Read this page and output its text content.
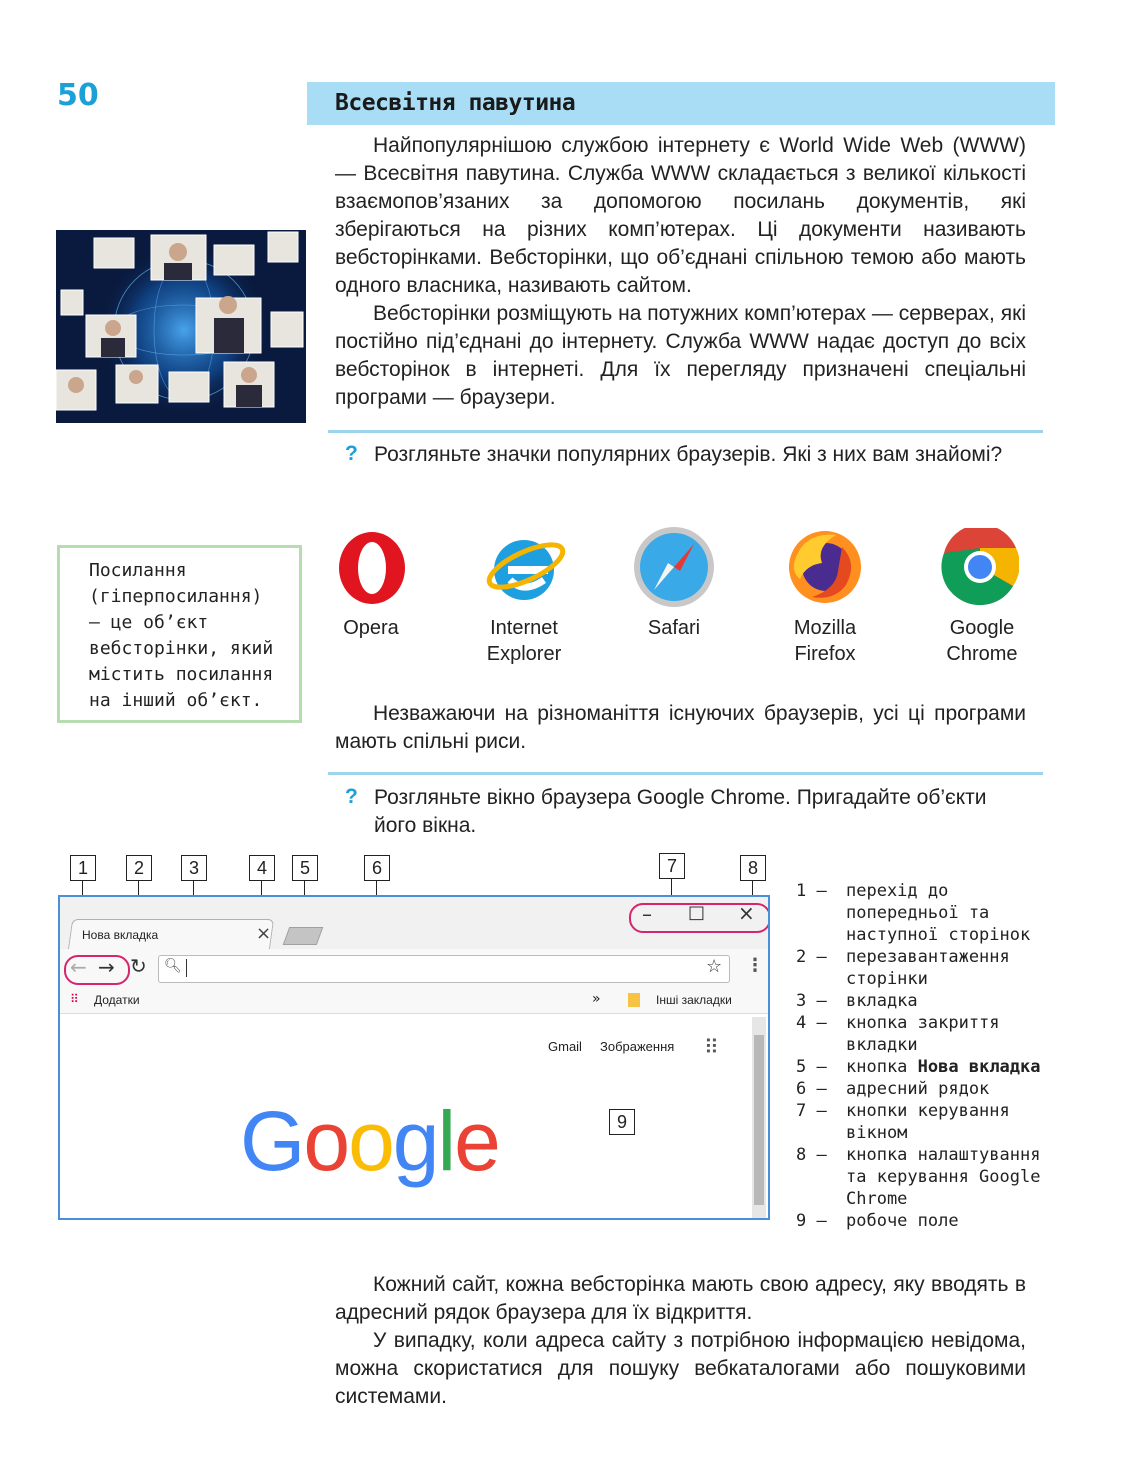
50	Всесвітня павутина

Найпопулярнішою службою інтернету є World Wide Web (WWW) — Всесвітня павутина. Служба WWW складається з великої кількості взаємопов’язаних за допомогою посилань документів, які зберігаються на різних комп’ютерах. Ці документи називають вебсторінками. Вебсторінки, що об’єднані спільною темою або мають одного власника, називають сайтом.

Вебсторінки розміщують на потужних комп’ютерах — серверах, які постійно під’єднані до інтернету. Служба WWW надає доступ до всіх вебсторінок в інтернеті. Для їх перегляду призначені спеціальні програми — браузери.

? Розгляньте значки популярних браузерів. Які з них вам знайомі?
Посилання (гіперпосилання) — це об’єкт вебсторінки, який містить посилання на інший об’єкт.
Opera	Internet Explorer
Safari	Mozilla Firefox
Google Chrome

Незважаючи на різноманіття існуючих браузерів, усі ці програми мають спільні риси.

? Розгляньте вікно браузера Google Chrome. Пригадайте об’єкти його вікна.
1	2	3	4	5	6	7	8
Нова вкладка	×
– □ ×
← → ↻ 🔍︎	☆ ⋮
⠿ Додатки	»	Інші закладки
Gmail Зображення ⠿
Google	9
1 —	перехід до попередньої та наступної сторінок
2 —	перезавантаження сторінки
3 —	вкладка
4 —	кнопка закриття вкладки
5 —	кнопка Нова вкладка
6 —	адресний рядок
7 —	кнопки керування вікном
8 —	кнопка налаштування та керування Google Chrome
9 —	робоче поле

Кожний сайт, кожна вебсторінка мають свою адресу, яку вводять в адресний рядок браузера для їх відкриття.

У випадку, коли адреса сайту з потрібною інформацією невідома, можна скористатися для пошуку вебкаталогами або пошуковими системами.
